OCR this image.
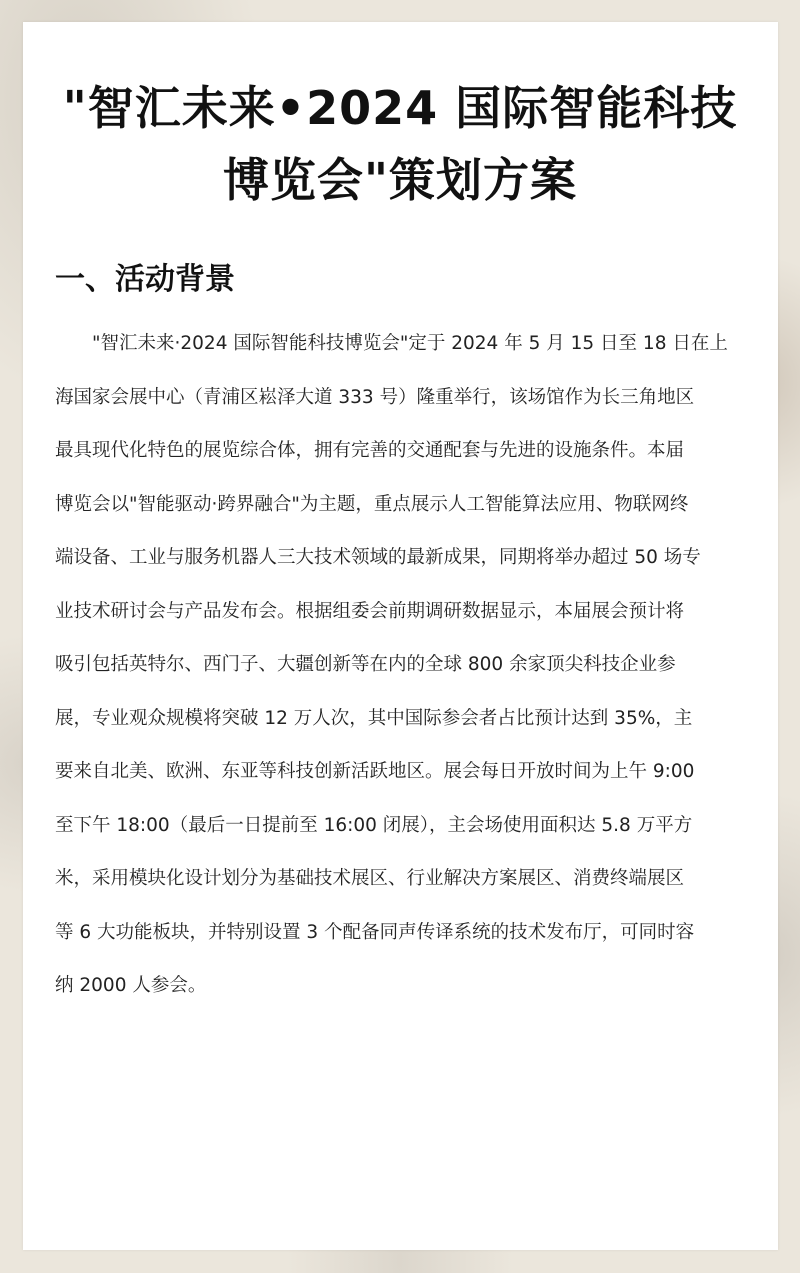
"智汇未来•2024 国际智能科技
博览会"策划方案
一、活动背景
"智汇未来·2024 国际智能科技博览会"定于 2024 年 5 月 15 日至 18 日在上
海国家会展中心（青浦区崧泽大道 333 号）隆重举行，该场馆作为长三角地区
最具现代化特色的展览综合体，拥有完善的交通配套与先进的设施条件。本届
博览会以"智能驱动·跨界融合"为主题，重点展示人工智能算法应用、物联网终
端设备、工业与服务机器人三大技术领域的最新成果，同期将举办超过 50 场专
业技术研讨会与产品发布会。根据组委会前期调研数据显示，本届展会预计将
吸引包括英特尔、西门子、大疆创新等在内的全球 800 余家顶尖科技企业参
展，专业观众规模将突破 12 万人次，其中国际参会者占比预计达到 35%，主
要来自北美、欧洲、东亚等科技创新活跃地区。展会每日开放时间为上午 9:00
至下午 18:00（最后一日提前至 16:00 闭展），主会场使用面积达 5.8 万平方
米，采用模块化设计划分为基础技术展区、行业解决方案展区、消费终端展区
等 6 大功能板块，并特别设置 3 个配备同声传译系统的技术发布厅，可同时容
纳 2000 人参会。
